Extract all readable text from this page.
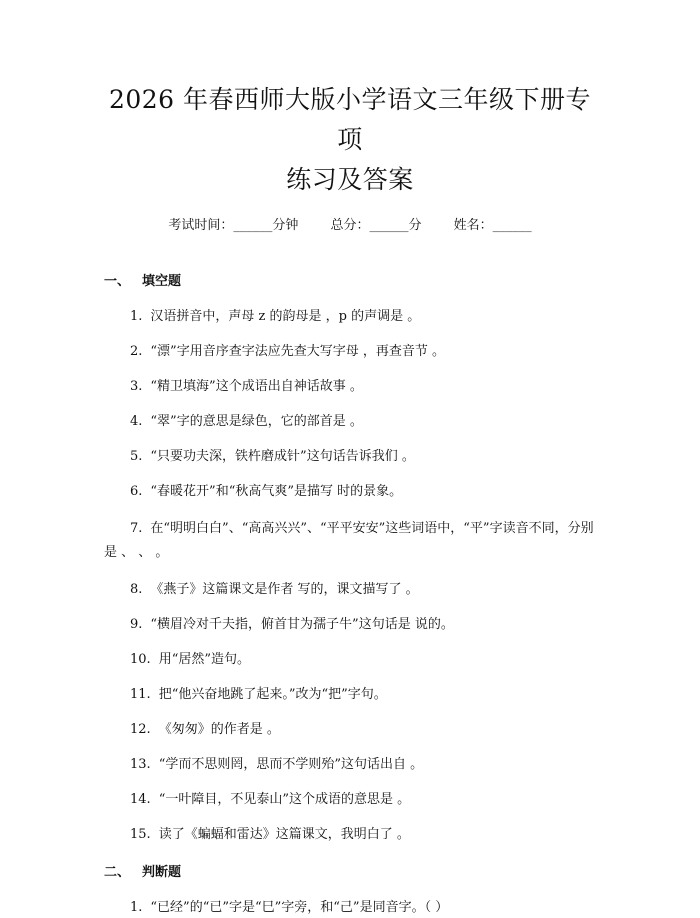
2026 年春西师大版小学语文三年级下册专项
练习及答案
考试时间：______分钟 总分：______分 姓名：______
一、 填空题
1. 汉语拼音中，声母 z 的韵母是 ，p 的声调是 。
2. “漂”字用音序查字法应先查大写字母 ，再查音节 。
3. “精卫填海”这个成语出自神话故事 。
4. “翠”字的意思是绿色，它的部首是 。
5. “只要功夫深，铁杵磨成针”这句话告诉我们 。
6. “春暖花开”和“秋高气爽”是描写 时的景象。
7. 在“明明白白”、“高高兴兴”、“平平安安”这些词语中，“平”字读音不同，分别是 、 、 。
8. 《燕子》这篇课文是作者 写的，课文描写了 。
9. “横眉冷对千夫指，俯首甘为孺子牛”这句话是 说的。
10. 用“居然”造句。
11. 把“他兴奋地跳了起来。”改为“把”字句。
12. 《匆匆》的作者是 。
13. “学而不思则罔，思而不学则殆”这句话出自 。
14. “一叶障目，不见泰山”这个成语的意思是 。
15. 读了《蝙蝠和雷达》这篇课文，我明白了 。
二、 判断题
1. “已经”的“已”字是“巳”字旁，和“己”是同音字。（ ）
